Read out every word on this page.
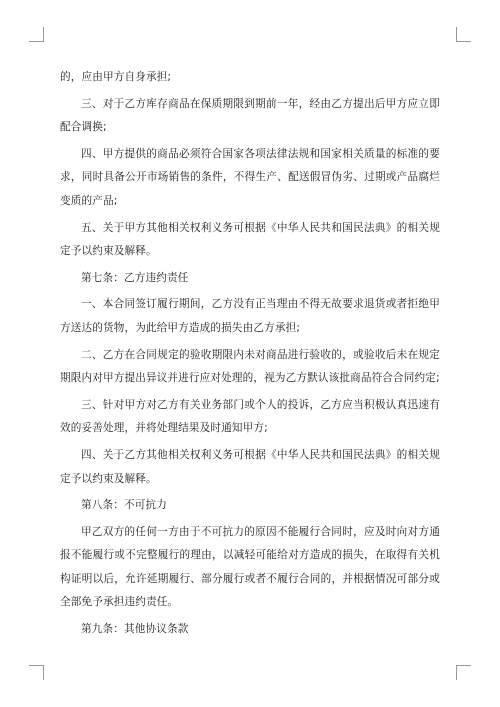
的，应由甲方自身承担;

三、对于乙方库存商品在保质期限到期前一年，经由乙方提出后甲方应立即配合调换;

四、甲方提供的商品必须符合国家各项法律法规和国家相关质量的标准的要求，同时具备公开市场销售的条件，不得生产、配送假冒伪劣、过期或产品腐烂变质的产品;

五、关于甲方其他相关权利义务可根据《中华人民共和国民法典》的相关规定予以约束及解释。

第七条：乙方违约责任

一、本合同签订履行期间，乙方没有正当理由不得无故要求退货或者拒绝甲方送达的货物，为此给甲方造成的损失由乙方承担;

二、乙方在合同规定的验收期限内未对商品进行验收的，或验收后未在规定期限内对甲方提出异议并进行应对处理的，视为乙方默认该批商品符合合同约定;

三、针对甲方对乙方有关业务部门或个人的投诉，乙方应当积极认真迅速有效的妥善处理，并将处理结果及时通知甲方;

四、关于乙方其他相关权利义务可根据《中华人民共和国民法典》的相关规定予以约束及解释。

第八条：不可抗力

甲乙双方的任何一方由于不可抗力的原因不能履行合同时，应及时向对方通报不能履行或不完整履行的理由，以减轻可能给对方造成的损失，在取得有关机构证明以后，允许延期履行、部分履行或者不履行合同的，并根据情况可部分或全部免予承担违约责任。

第九条：其他协议条款
